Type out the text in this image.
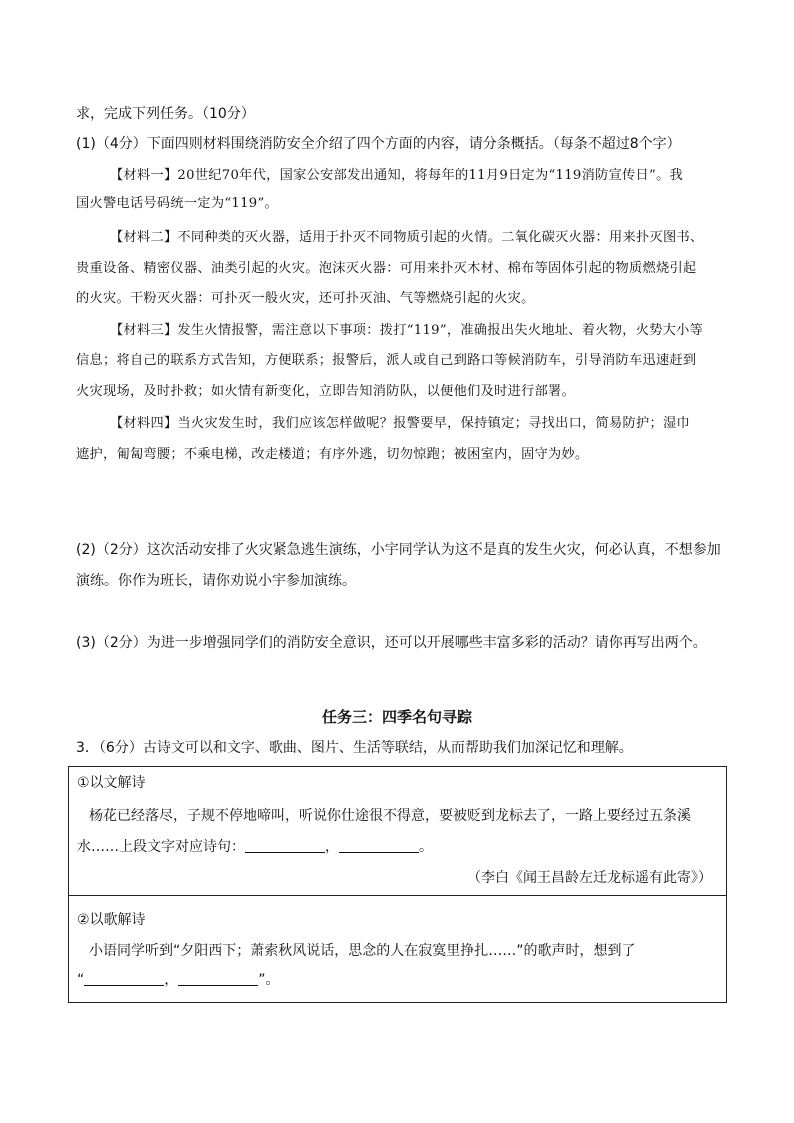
求，完成下列任务。（10分）
(1)（4分）下面四则材料围绕消防安全介绍了四个方面的内容，请分条概括。（每条不超过8个字）
【材料一】20世纪70年代，国家公安部发出通知，将每年的11月9日定为“119消防宣传日”。我
国火警电话号码统一定为“119”。
【材料二】不同种类的灭火器，适用于扑灭不同物质引起的火情。二氧化碳灭火器：用来扑灭图书、
贵重设备、精密仪器、油类引起的火灾。泡沫灭火器：可用来扑灭木材、棉布等固体引起的物质燃烧引起
的火灾。干粉灭火器：可扑灭一般火灾，还可扑灭油、气等燃烧引起的火灾。
【材料三】发生火情报警，需注意以下事项：拨打“119”，准确报出失火地址、着火物，火势大小等
信息；将自己的联系方式告知，方便联系；报警后，派人或自己到路口等候消防车，引导消防车迅速赶到
火灾现场，及时扑救；如火情有新变化，立即告知消防队，以便他们及时进行部署。
【材料四】当火灾发生时，我们应该怎样做呢？报警要早，保持镇定；寻找出口，简易防护；湿巾
遮护，匍匐弯腰；不乘电梯，改走楼道；有序外逃，切勿惊跑；被困室内，固守为妙。
(2)（2分）这次活动安排了火灾紧急逃生演练，小宇同学认为这不是真的发生火灾，何必认真，不想参加
演练。你作为班长，请你劝说小宇参加演练。
(3)（2分）为进一步增强同学们的消防安全意识，还可以开展哪些丰富多彩的活动？请你再写出两个。
任务三：四季名句寻踪
3．（6分）古诗文可以和文字、歌曲、图片、生活等联结，从而帮助我们加深记忆和理解。
①以文解诗
杨花已经落尽，子规不停地啼叫，听说你仕途很不得意，要被贬到龙标去了，一路上要经过五条溪
水……上段文字对应诗句：	，	。
（李白《闻王昌龄左迁龙标遥有此寄》）
②以歌解诗
小语同学听到“夕阳西下；萧索秋风说话，思念的人在寂寞里挣扎……”的歌声时，想到了
“	，	”。
